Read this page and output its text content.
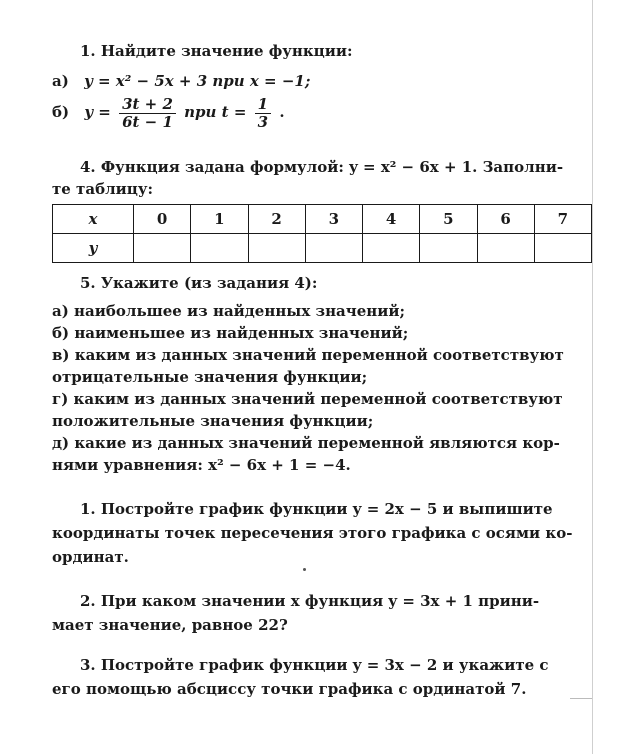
1. Найдите значение функции:
а) y = x² − 5x + 3 при x = −1;
б) $y = \frac{3t + 2}{6t - 1}$ при $t = \frac{1}{3}$ .
4. Функция задана формулой: y = x² − 6x + 1. Заполни-
те таблицу:
x	0	1	2	3	4	5	6	7
y								
5. Укажите (из задания 4):
а) наибольшее из найденных значений;
б) наименьшее из найденных значений;
в) каким из данных значений переменной соответствуют
отрицательные значения функции;
г) каким из данных значений переменной соответствуют
положительные значения функции;
д) какие из данных значений переменной являются кор-
нями уравнения: x² − 6x + 1 = −4.
1. Постройте график функции y = 2x − 5 и выпишите
координаты точек пересечения этого графика с осями ко-
ординат.
2. При каком значении x функция y = 3x + 1 прини-
мает значение, равное 22?
3. Постройте график функции y = 3x − 2 и укажите с
его помощью абсциссу точки графика с ординатой 7.
